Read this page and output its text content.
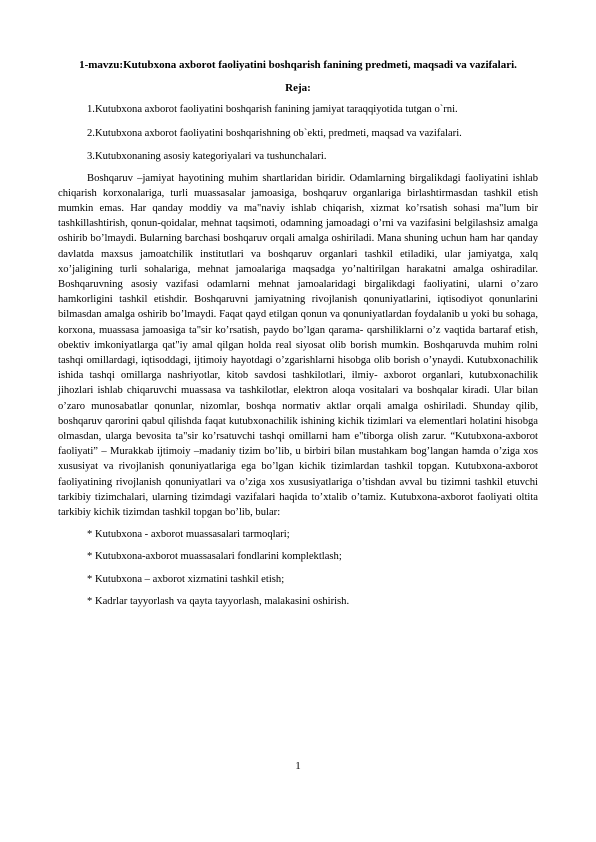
1-mavzu:Kutubxona axborot faoliyatini boshqarish fanining predmeti, maqsadi va vazifalari.
Reja:
1.Kutubxona axborot faoliyatini boshqarish fanining jamiyat taraqqiyotida tutgan o`rni.
2.Kutubxona axborot faoliyatini boshqarishning ob`ekti, predmeti, maqsad va vazifalari.
3.Kutubxonaning asosiy kategoriyalari va tushunchalari.

Boshqaruv –jamiyat hayotining muhim shartlaridan biridir. Odamlarning birgalikdagi faoliyatini ishlab chiqarish korxonalariga, turli muassasalar jamoasiga, boshqaruv organlariga birlashtirmasdan tashkil etish mumkin emas. Har qanday moddiy va ma"naviy ishlab chiqarish, xizmat ko’rsatish sohasi ma"lum bir tashkillashtirish, qonun-qoidalar, mehnat taqsimoti, odamning jamoadagi o’rni va vazifasini belgilashsiz amalga oshirib bo’lmaydi. Bularning barchasi boshqaruv orqali amalga oshiriladi. Mana shuning uchun ham har qanday davlatda maxsus jamoatchilik institutlari va boshqaruv organlari tashkil etiladiki, ular jamiyatga, xalq xo’jaligining turli sohalariga, mehnat jamoalariga maqsadga yo’naltirilgan harakatni amalga oshiradilar. Boshqaruvning asosiy vazifasi odamlarni mehnat jamoalaridagi birgalikdagi faoliyatini, ularni o’zaro hamkorligini tashkil etishdir. Boshqaruvni jamiyatning rivojlanish qonuniyatlarini, iqtisodiyot qonunlarini bilmasdan amalga oshirib bo’lmaydi. Faqat qayd etilgan qonun va qonuniyatlardan foydalanib u yoki bu sohaga, korxona, muassasa jamoasiga ta"sir ko’rsatish, paydo bo’lgan qarama- qarshiliklarni o’z vaqtida bartaraf etish, obektiv imkoniyatlarga qat"iy amal qilgan holda real siyosat olib borish mumkin. Boshqaruvda muhim rolni tashqi omillardagi, iqtisoddagi, ijtimoiy hayotdagi o’zgarishlarni hisobga olib borish o’ynaydi. Kutubxonachilik ishida tashqi omillarga nashriyotlar, kitob savdosi tashkilotlari, ilmiy- axborot organlari, kutubxonachilik jihozlari ishlab chiqaruvchi muassasa va tashkilotlar, elektron aloqa vositalari va boshqalar kiradi. Ular bilan o’zaro munosabatlar qonunlar, nizomlar, boshqa normativ aktlar orqali amalga oshiriladi. Shunday qilib, boshqaruv qarorini qabul qilishda faqat kutubxonachilik ishining kichik tizimlari va elementlari holatini hisobga olmasdan, ularga bevosita ta"sir ko’rsatuvchi tashqi omillarni ham e"tiborga olish zarur. “Kutubxona-axborot faoliyati” – Murakkab ijtimoiy –madaniy tizim bo’lib, u birbiri bilan mustahkam bog’langan hamda o’ziga xos xususiyat va rivojlanish qonuniyatlariga ega bo’lgan kichik tizimlardan tashkil topgan. Kutubxona-axborot faoliyatining rivojlanish qonuniyatlari va o’ziga xos xususiyatlariga o’tishdan avval bu tizimni tashkil etuvchi tarkibiy tizimchalari, ularning tizimdagi vazifalari haqida to’xtalib o’tamiz. Kutubxona-axborot faoliyati oltita tarkibiy kichik tizimdan tashkil topgan bo’lib, bular:

* Kutubxona - axborot muassasalari tarmoqlari;
* Kutubxona-axborot muassasalari fondlarini komplektlash;
* Kutubxona – axborot xizmatini tashkil etish;
* Kadrlar tayyorlash va qayta tayyorlash, malakasini oshirish.
1
